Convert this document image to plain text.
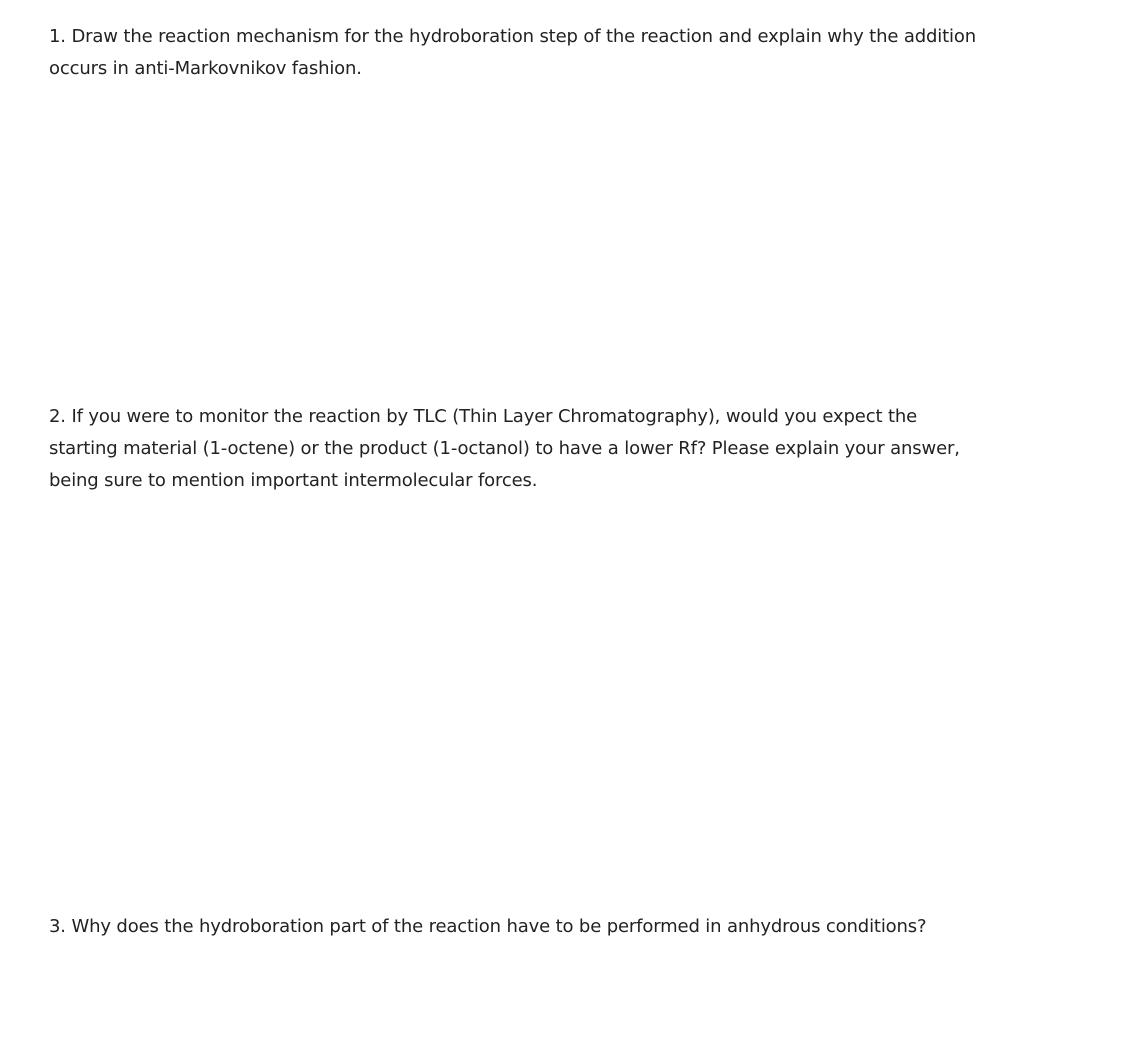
1. Draw the reaction mechanism for the hydroboration step of the reaction and explain why the addition
occurs in anti-Markovnikov fashion.

2. If you were to monitor the reaction by TLC (Thin Layer Chromatography), would you expect the
starting material (1-octene) or the product (1-octanol) to have a lower Rf? Please explain your answer,
being sure to mention important intermolecular forces.

3. Why does the hydroboration part of the reaction have to be performed in anhydrous conditions?
